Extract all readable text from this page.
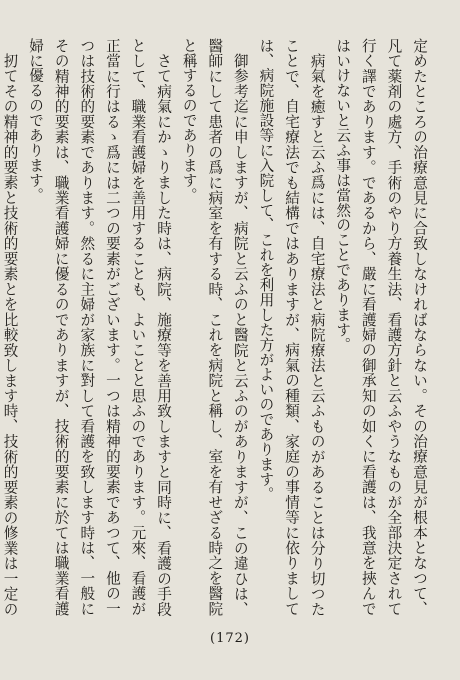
定めたところの治療意見に合致しなければならない。その治療意見が根本となつて、凡て薬剤の處方、手術のやり方養生法、看護方針と云ふやうなものが全部決定されて行く譯であります。であるから、嚴に看護婦の御承知の如くに看護は、我意を挾んではいけないと云ふ事は當然のことであります。

病氣を癒すと云ふ爲には、自宅療法と病院療法と云ふものがあることは分り切つたことで、自宅療法でも結構ではありますが、病氣の種類、家庭の事情等に依りましては、病院施設等に入院して、これを利用した方がよいのであります。

御参考迄に申しますが、病院と云ふのと醫院と云ふのがありますが、この違ひは、醫師にして患者の爲に病室を有する時、これを病院と稱し、室を有せざる時之を醫院と稱するのであります。

さて病氣にかゝりました時は、病院、施療等を善用致しますと同時に、看護の手段として、職業看護婦を善用することも、よいことと思ふのであります。元來、看護が正當に行はるゝ爲には二つの要素がございます。一つは精神的要素であつて、他の一つは技術的要素であります。然るに主婦が家族に對して看護を致します時は、一般に その精神的要素は、職業看護婦に優るのでありますが、技術的要素に於ては職業看護婦に優るのであります。

扨てその精神的要素と技術的要素とを比較致します時、技術的要素の修業は一定の

(172)
